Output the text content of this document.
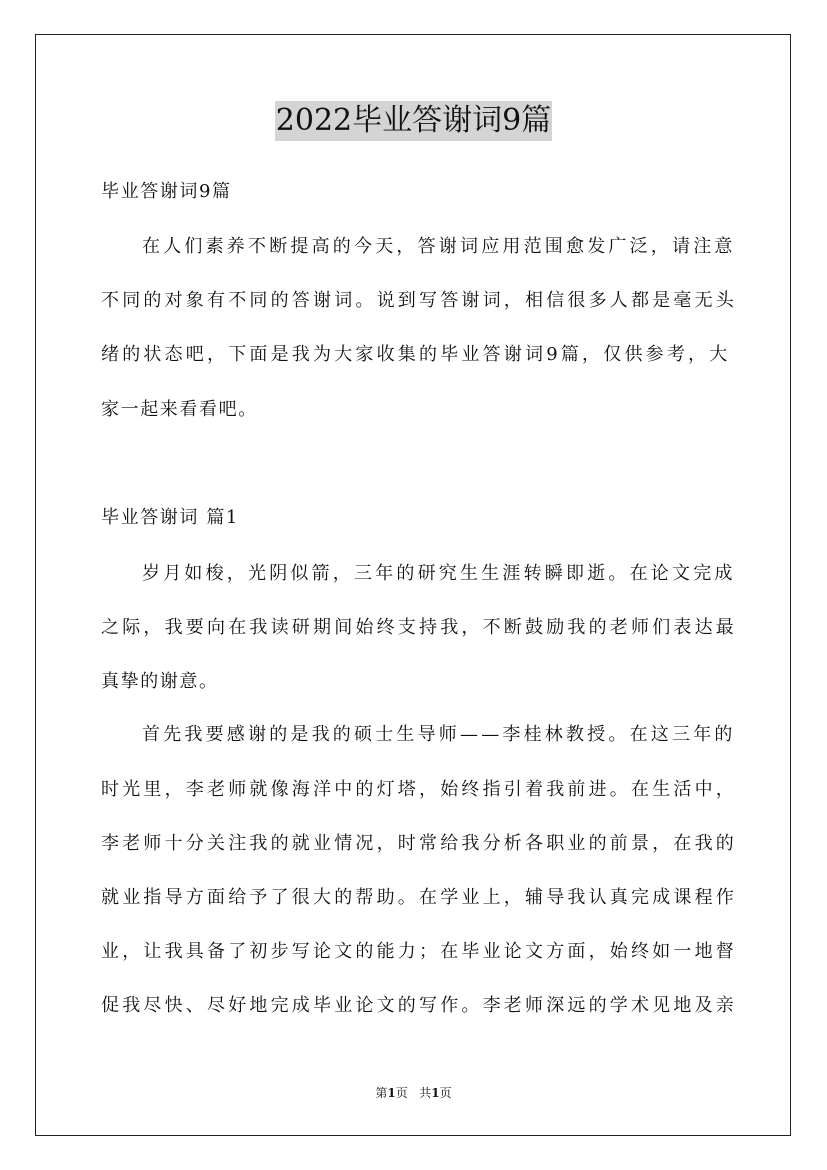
2022毕业答谢词9篇
毕业答谢词9篇
在人们素养不断提高的今天，答谢词应用范围愈发广泛，请注意
不同的对象有不同的答谢词。说到写答谢词，相信很多人都是毫无头
绪的状态吧，下面是我为大家收集的毕业答谢词9篇，仅供参考，大
家一起来看看吧。
毕业答谢词 篇1
岁月如梭，光阴似箭，三年的研究生生涯转瞬即逝。在论文完成
之际，我要向在我读研期间始终支持我，不断鼓励我的老师们表达最
真挚的谢意。
首先我要感谢的是我的硕士生导师——李桂林教授。在这三年的
时光里，李老师就像海洋中的灯塔，始终指引着我前进。在生活中，
李老师十分关注我的就业情况，时常给我分析各职业的前景，在我的
就业指导方面给予了很大的帮助。在学业上，辅导我认真完成课程作
业，让我具备了初步写论文的能力；在毕业论文方面，始终如一地督
促我尽快、尽好地完成毕业论文的写作。李老师深远的学术见地及亲
第1页 共1页
